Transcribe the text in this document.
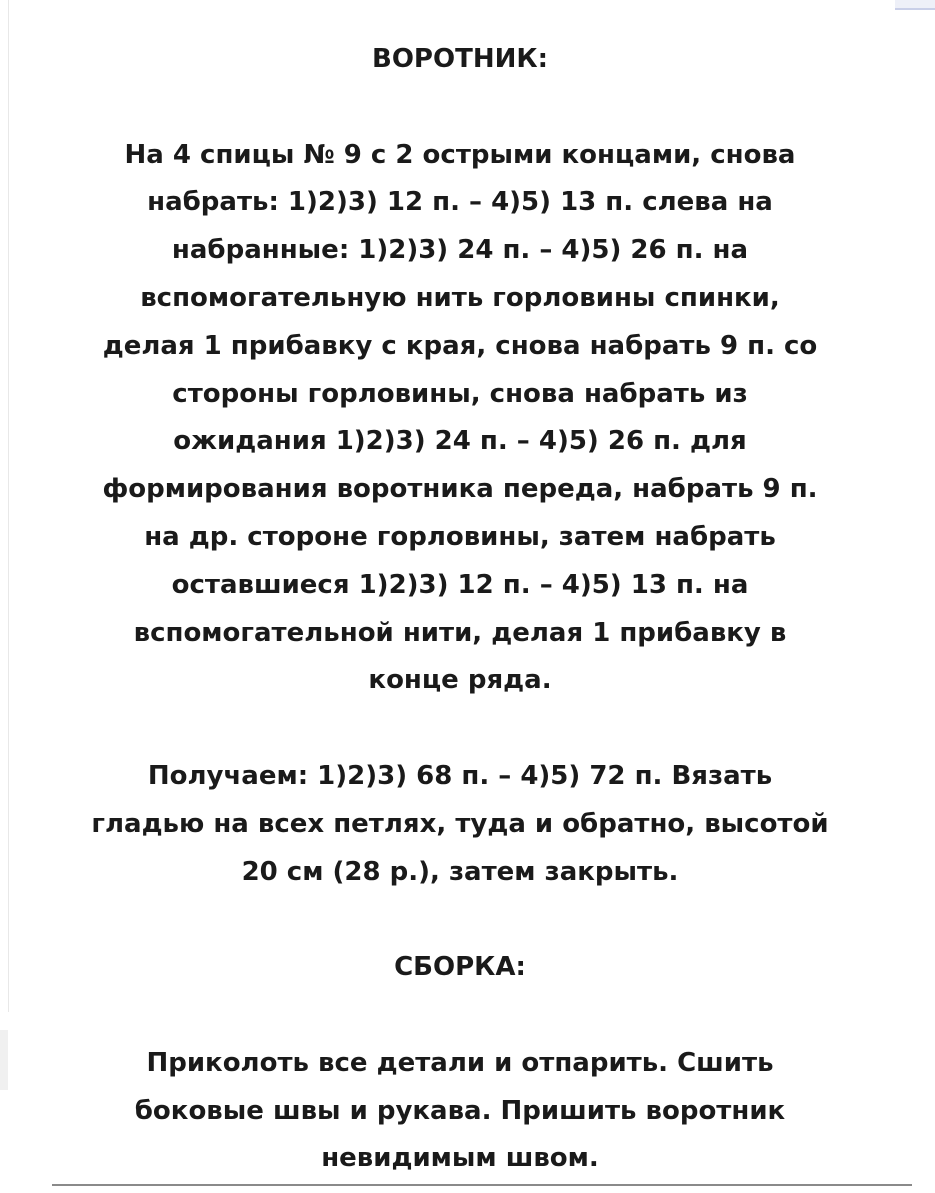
ВОРОТНИК:

На 4 спицы № 9 с 2 острыми концами, снова

набрать: 1)2)3) 12 п. – 4)5) 13 п. слева на

набранные: 1)2)3) 24 п. – 4)5) 26 п. на

вспомогательную нить горловины спинки,

делая 1 прибавку с края, снова набрать 9 п. со

стороны горловины, снова набрать из

ожидания 1)2)3) 24 п. – 4)5) 26 п. для

формирования воротника переда, набрать 9 п.

на др. стороне горловины, затем набрать

оставшиеся 1)2)3) 12 п. – 4)5) 13 п. на

вспомогательной нити, делая 1 прибавку в

конце ряда.

Получаем: 1)2)3) 68 п. – 4)5) 72 п. Вязать

гладью на всех петлях, туда и обратно, высотой

20 см (28 р.), затем закрыть.

СБОРКА:

Приколоть все детали и отпарить. Сшить

боковые швы и рукава. Пришить воротник

невидимым швом.
